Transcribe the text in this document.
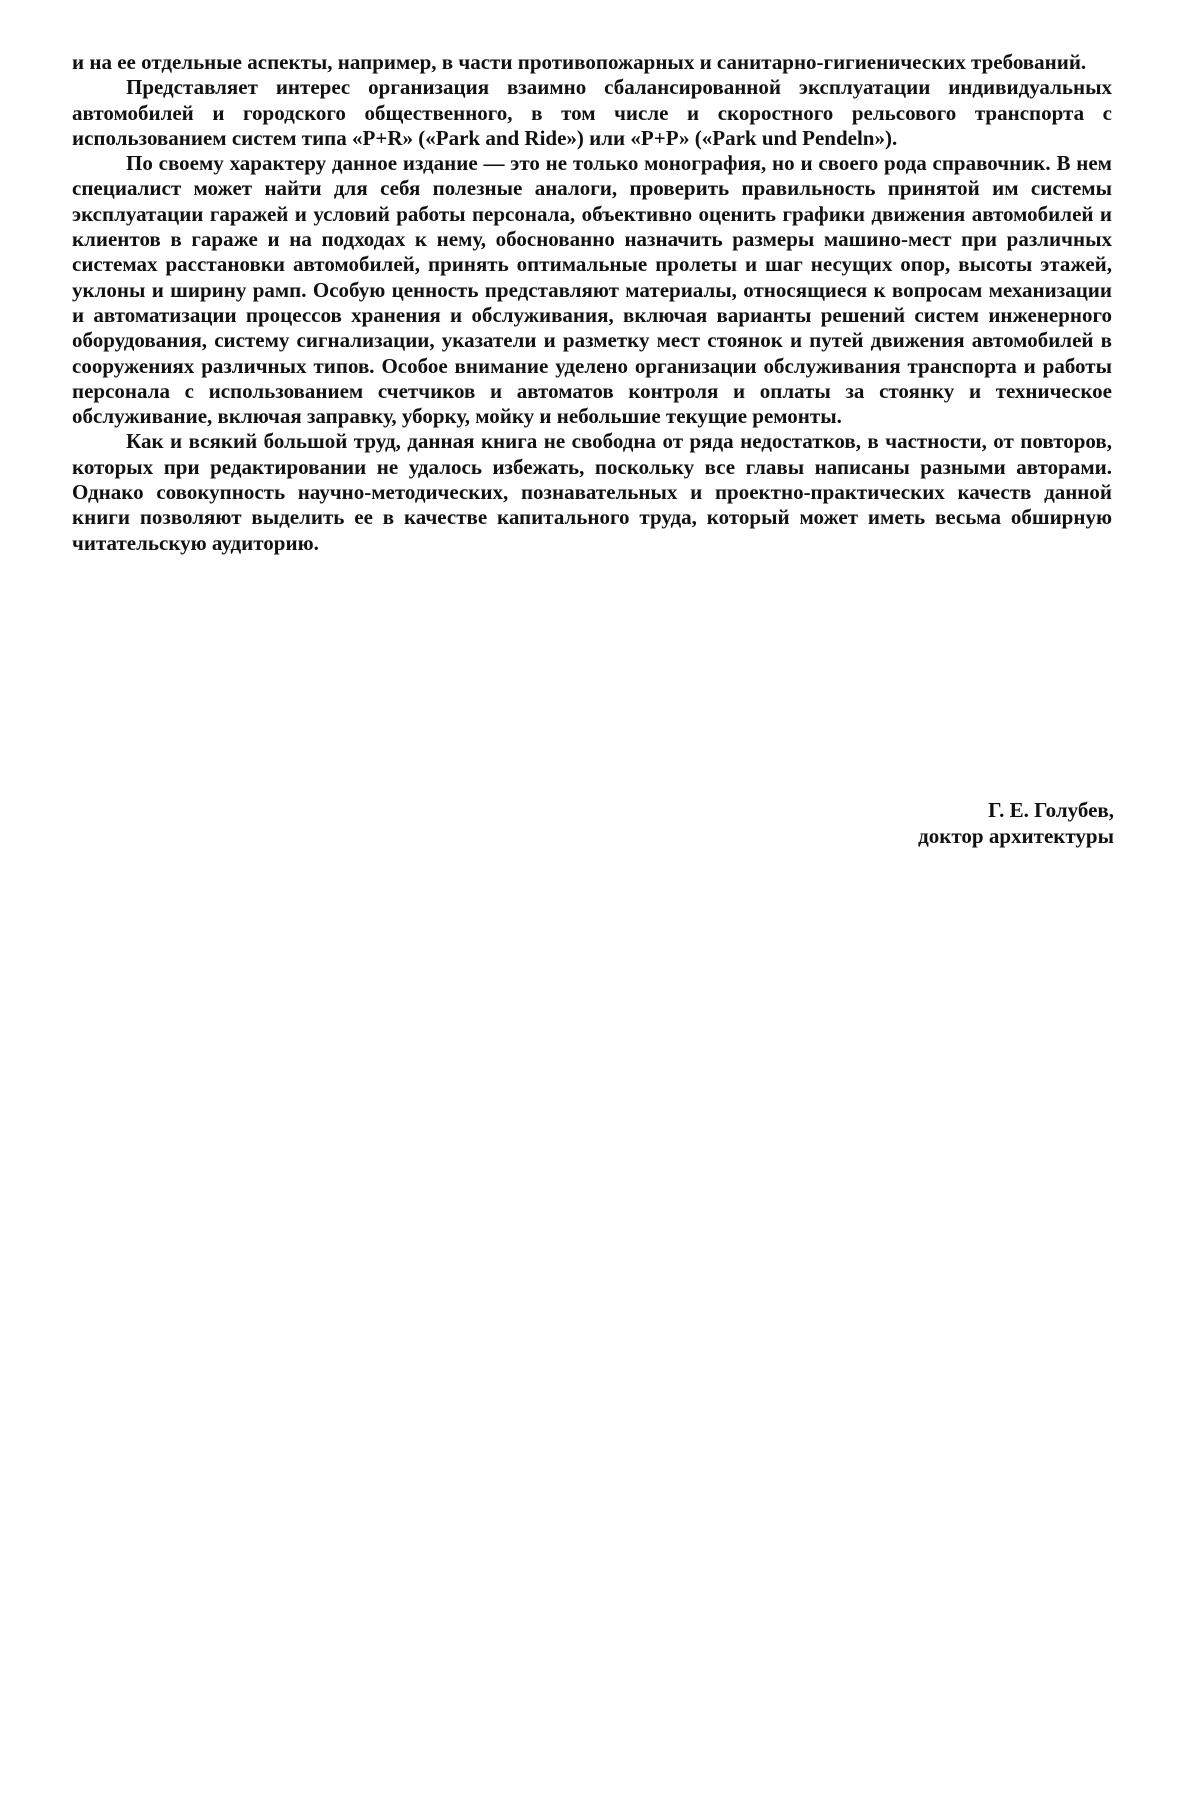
и на ее отдельные аспекты, например, в части противопожарных и санитарно-гигиенических требований.

Представляет интерес организация взаимно сбалансированной эксплуатации индивидуальных автомобилей и городского общественного, в том числе и скоростного рельсового транспорта с использованием систем типа «Р+R» («Park and Ride») или «Р+Р» («Park und Pendeln»).

По своему характеру данное издание — это не только монография, но и своего рода справочник. В нем специалист может найти для себя полезные аналоги, проверить правильность принятой им системы эксплуатации гаражей и условий работы персонала, объективно оценить графики движения автомобилей и клиентов в гараже и на подходах к нему, обоснованно назначить размеры машино-мест при различных системах расстановки автомобилей, принять оптимальные пролеты и шаг несущих опор, высоты этажей, уклоны и ширину рамп. Особую ценность представляют материалы, относящиеся к вопросам механизации и автоматизации процессов хранения и обслуживания, включая варианты решений систем инженерного оборудования, систему сигнализации, указатели и разметку мест стоянок и путей движения автомобилей в сооружениях различных типов. Особое внимание уделено организации обслуживания транспорта и работы персонала с использованием счетчиков и автоматов контроля и оплаты за стоянку и техническое обслуживание, включая заправку, уборку, мойку и небольшие текущие ремонты.

Как и всякий большой труд, данная книга не свободна от ряда недостатков, в частности, от повторов, которых при редактировании не удалось избежать, поскольку все главы написаны разными авторами. Однако совокупность научно-методических, познавательных и проектно-практических качеств данной книги позволяют выделить ее в качестве капитального труда, который может иметь весьма обширную читательскую аудиторию.

Г. Е. Голубев,
доктор архитектуры
